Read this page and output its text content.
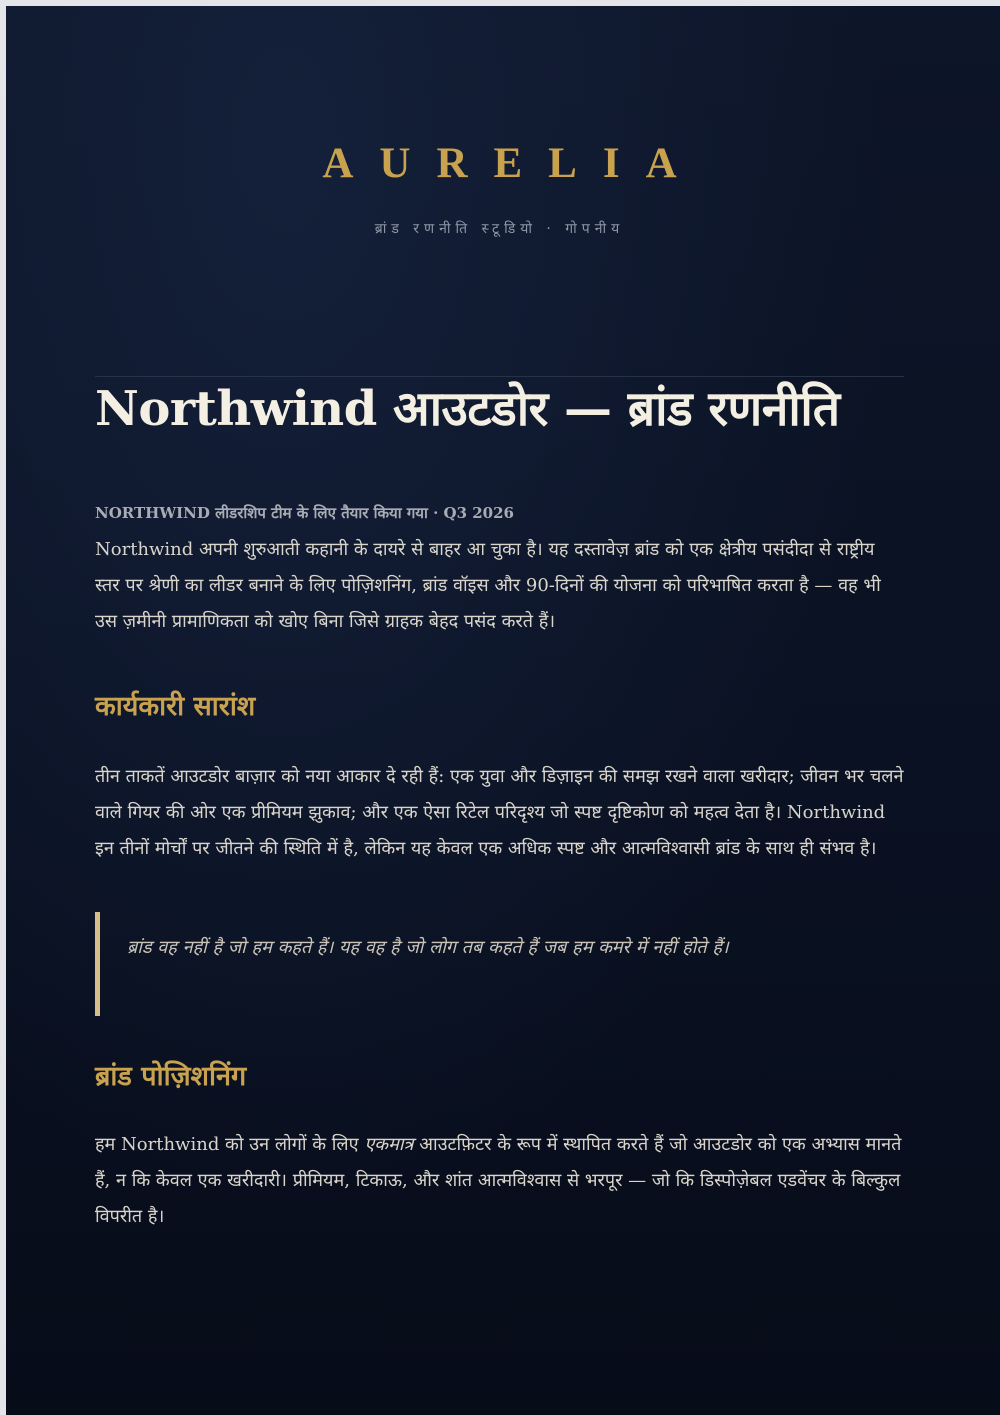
AURELIA
ब्रांड रणनीति स्टूडियो · गोपनीय
Northwind आउटडोर — ब्रांड रणनीति
NORTHWIND लीडरशिप टीम के लिए तैयार किया गया · Q3 2026

Northwind अपनी शुरुआती कहानी के दायरे से बाहर आ चुका है। यह दस्तावेज़ ब्रांड को एक क्षेत्रीय पसंदीदा से राष्ट्रीय स्तर पर श्रेणी का लीडर बनाने के लिए पोज़िशनिंग, ब्रांड वॉइस और 90-दिनों की योजना को परिभाषित करता है — वह भी उस ज़मीनी प्रामाणिकता को खोए बिना जिसे ग्राहक बेहद पसंद करते हैं।

कार्यकारी सारांश

तीन ताकतें आउटडोर बाज़ार को नया आकार दे रही हैं: एक युवा और डिज़ाइन की समझ रखने वाला खरीदार; जीवन भर चलने वाले गियर की ओर एक प्रीमियम झुकाव; और एक ऐसा रिटेल परिदृश्य जो स्पष्ट दृष्टिकोण को महत्व देता है। Northwind इन तीनों मोर्चों पर जीतने की स्थिति में है, लेकिन यह केवल एक अधिक स्पष्ट और आत्मविश्वासी ब्रांड के साथ ही संभव है।

ब्रांड वह नहीं है जो हम कहते हैं। यह वह है जो लोग तब कहते हैं जब हम कमरे में नहीं होते हैं।
ब्रांड पोज़िशनिंग

हम Northwind को उन लोगों के लिए एकमात्र आउटफ़िटर के रूप में स्थापित करते हैं जो आउटडोर को एक अभ्यास मानते हैं, न कि केवल एक खरीदारी। प्रीमियम, टिकाऊ, और शांत आत्मविश्वास से भरपूर — जो कि डिस्पोज़ेबल एडवेंचर के बिल्कुल विपरीत है।
